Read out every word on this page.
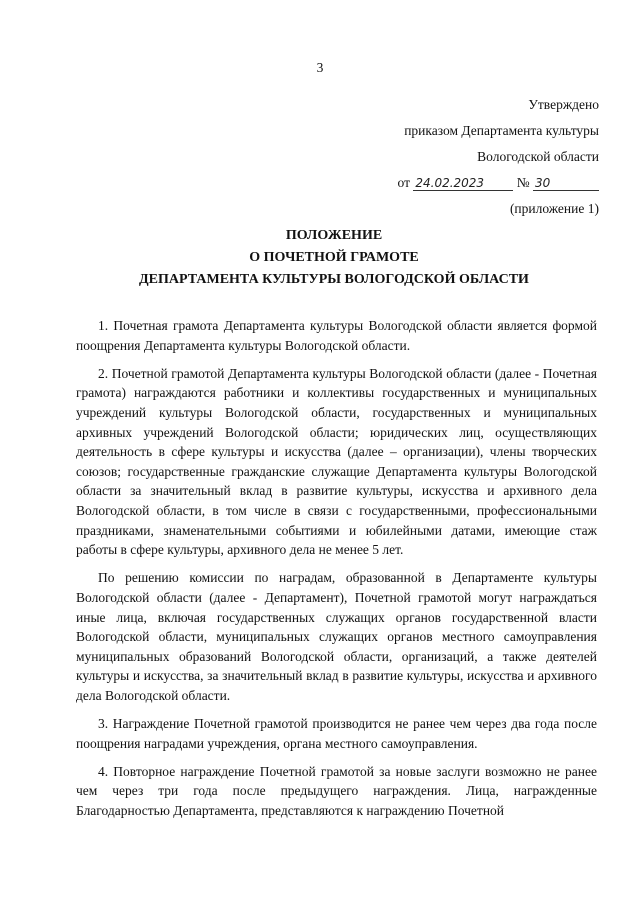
3
Утверждено
приказом Департамента культуры
Вологодской области
от 24.02.2023 № 30
(приложение 1)
ПОЛОЖЕНИЕ
О ПОЧЕТНОЙ ГРАМОТЕ
ДЕПАРТАМЕНТА КУЛЬТУРЫ ВОЛОГОДСКОЙ ОБЛАСТИ

1. Почетная грамота Департамента культуры Вологодской области является формой поощрения Департамента культуры Вологодской области.

2. Почетной грамотой Департамента культуры Вологодской области (далее - Почетная грамота) награждаются работники и коллективы государственных и муниципальных учреждений культуры Вологодской области, государственных и муниципальных архивных учреждений Вологодской области; юридических лиц, осуществляющих деятельность в сфере культуры и искусства (далее – организации), члены творческих союзов; государственные гражданские служащие Департамента культуры Вологодской области за значительный вклад в развитие культуры, искусства и архивного дела Вологодской области, в том числе в связи с государственными, профессиональными праздниками, знаменательными событиями и юбилейными датами, имеющие стаж работы в сфере культуры, архивного дела не менее 5 лет.

По решению комиссии по наградам, образованной в Департаменте культуры Вологодской области (далее - Департамент), Почетной грамотой могут награждаться иные лица, включая государственных служащих органов государственной власти Вологодской области, муниципальных служащих органов местного самоуправления муниципальных образований Вологодской области, организаций, а также деятелей культуры и искусства, за значительный вклад в развитие культуры, искусства и архивного дела Вологодской области.

3. Награждение Почетной грамотой производится не ранее чем через два года после поощрения наградами учреждения, органа местного самоуправления.

4. Повторное награждение Почетной грамотой за новые заслуги возможно не ранее чем через три года после предыдущего награждения. Лица, награжденные Благодарностью Департамента, представляются к награждению Почетной
